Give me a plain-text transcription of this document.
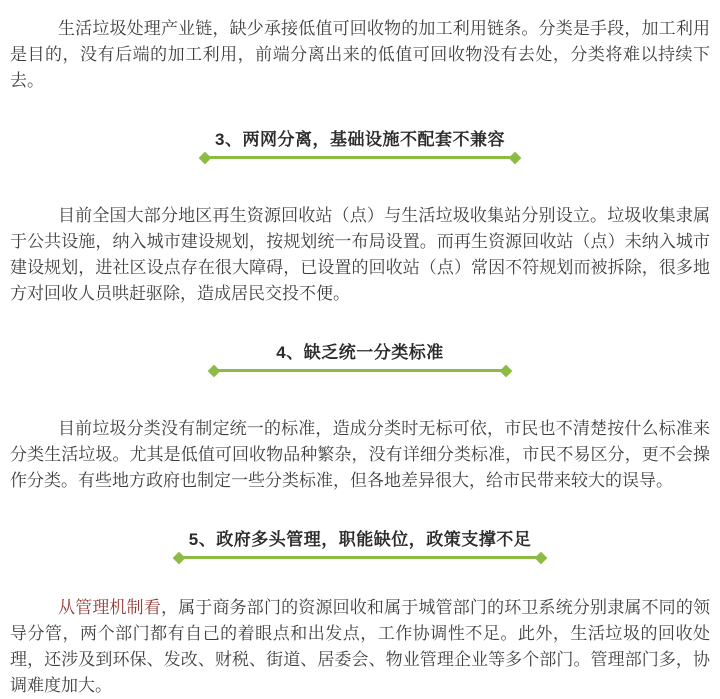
生活垃圾处理产业链，缺少承接低值可回收物的加工利用链条。分类是手段，加工利用是目的，没有后端的加工利用，前端分离出来的低值可回收物没有去处，分类将难以持续下去。

3、两网分离，基础设施不配套不兼容

目前全国大部分地区再生资源回收站（点）与生活垃圾收集站分别设立。垃圾收集隶属于公共设施，纳入城市建设规划，按规划统一布局设置。而再生资源回收站（点）未纳入城市建设规划，进社区设点存在很大障碍，已设置的回收站（点）常因不符规划而被拆除，很多地方对回收人员哄赶驱除，造成居民交投不便。

4、缺乏统一分类标准

目前垃圾分类没有制定统一的标准，造成分类时无标可依，市民也不清楚按什么标准来分类生活垃圾。尤其是低值可回收物品种繁杂，没有详细分类标准，市民不易区分，更不会操作分类。有些地方政府也制定一些分类标准，但各地差异很大，给市民带来较大的误导。

5、政府多头管理，职能缺位，政策支撑不足

从管理机制看，属于商务部门的资源回收和属于城管部门的环卫系统分别隶属不同的领导分管，两个部门都有自己的着眼点和出发点，工作协调性不足。此外，生活垃圾的回收处理，还涉及到环保、发改、财税、街道、居委会、物业管理企业等多个部门。管理部门多，协调难度加大。
